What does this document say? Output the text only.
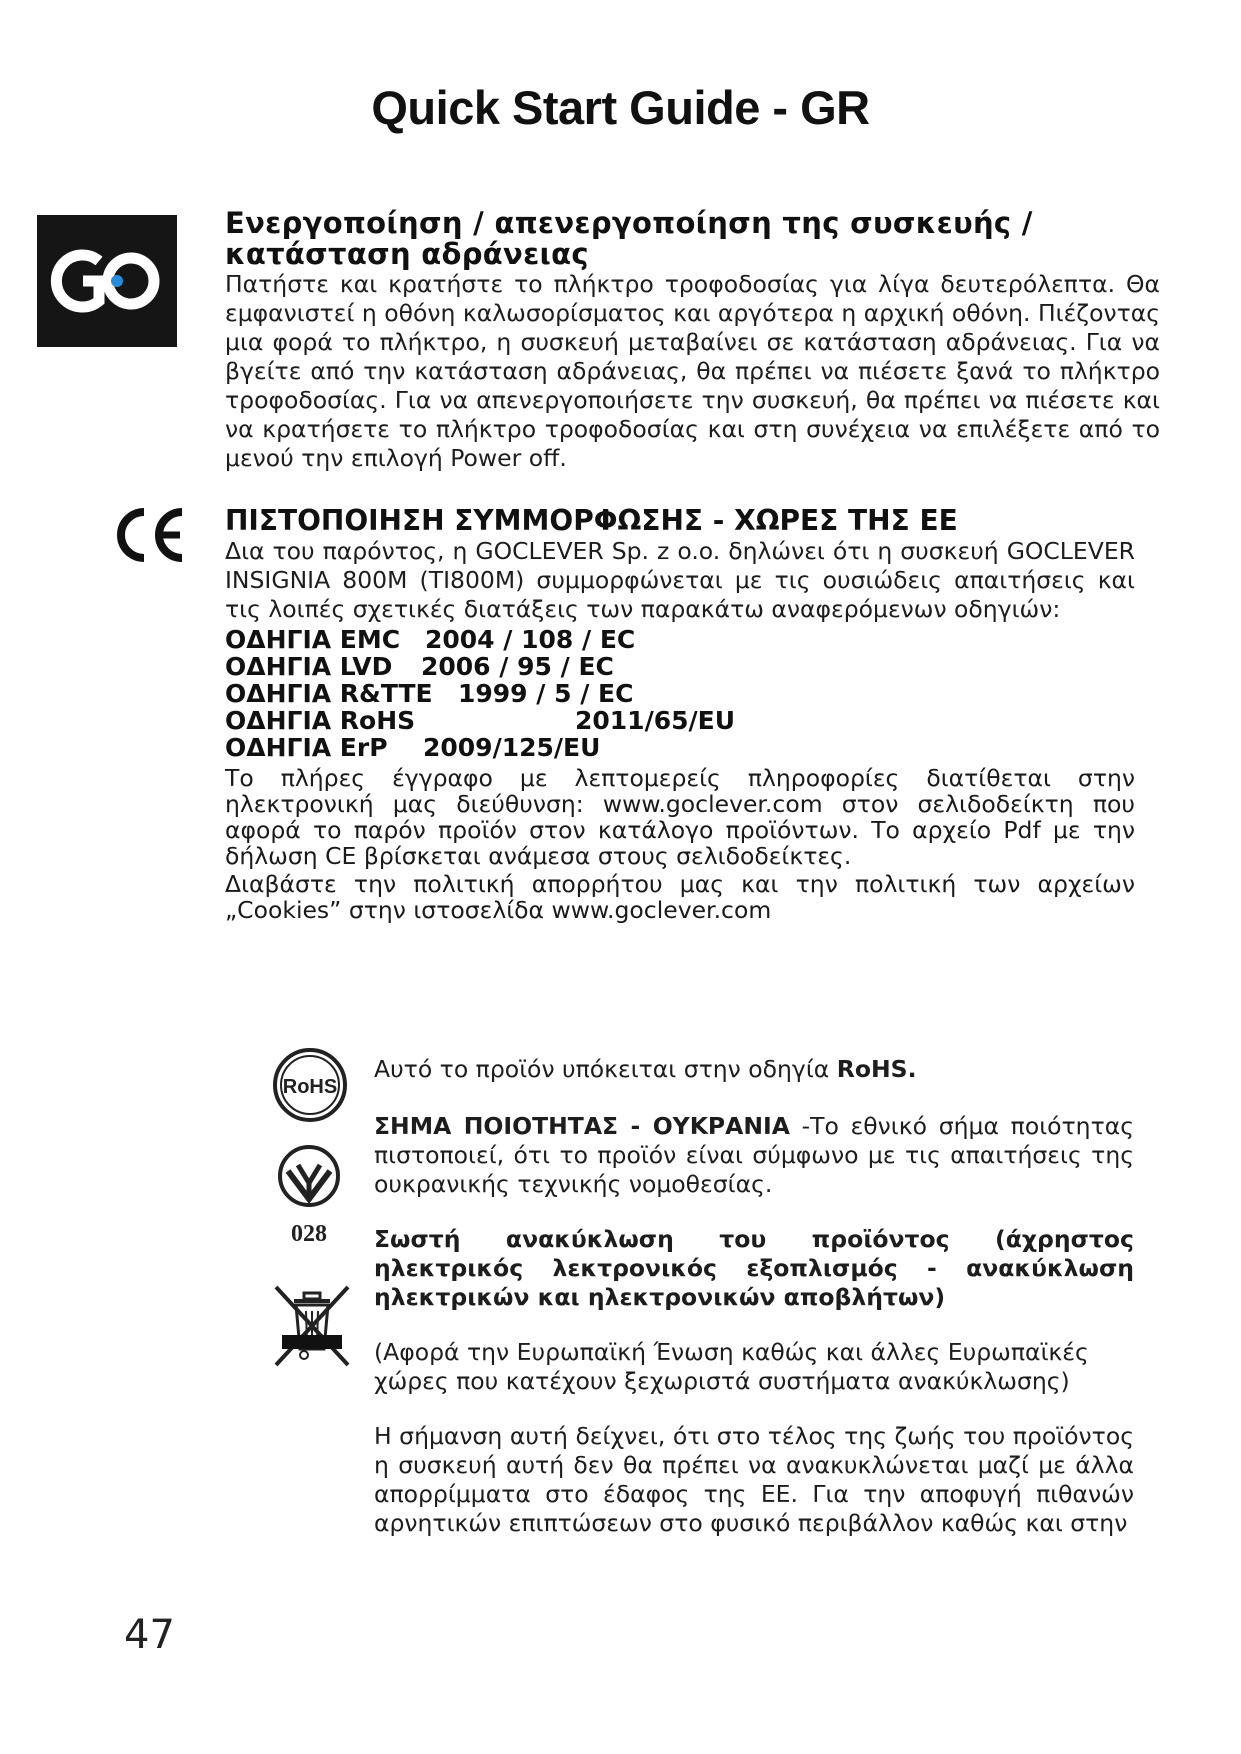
Quick Start Guide - GR

Ενεργοποίηση / απενεργοποίηση της συσκευής / κατάσταση αδράνειας

Πατήστε και κρατήστε το πλήκτρο τροφοδοσίας για λίγα δευτερόλεπτα. Θα εμφανιστεί η οθόνη καλωσορίσματος και αργότερα η αρχική οθόνη. Πιέζοντας μια φορά το πλήκτρο, η συσκευή μεταβαίνει σε κατάσταση αδράνειας. Για να βγείτε από την κατάσταση αδράνειας, θα πρέπει να πιέσετε ξανά το πλήκτρο τροφοδοσίας. Για να απενεργοποιήσετε την συσκευή, θα πρέπει να πιέσετε και να κρατήσετε το πλήκτρο τροφοδοσίας και στη συνέχεια να επιλέξετε από το μενού την επιλογή Power off.

ΠΙΣΤΟΠΟΙΗΣΗ ΣΥΜΜΟΡΦΩΣΗΣ - ΧΩΡΕΣ ΤΗΣ ΕΕ

Δια του παρόντος, η GOCLEVER Sp. z o.o. δηλώνει ότι η συσκευή GOCLEVER INSIGNIA 800M (TI800M) συμμορφώνεται με τις ουσιώδεις απαιτήσεις και τις λοιπές σχετικές διατάξεις των παρακάτω αναφερόμενων οδηγιών:

ΟΔΗΓΙΑ EMC 2004 / 108 / EC
ΟΔΗΓΙΑ LVD	2006 / 95 / EC
ΟΔΗΓΙΑ R&TTE	1999 / 5 / EC
ΟΔΗΓΙΑ RoHS	2011/65/EU
ΟΔΗΓΙΑ ErP	2009/125/EU

Το πλήρες έγγραφο με λεπτομερείς πληροφορίες διατίθεται στην ηλεκτρονική μας διεύθυνση: www.goclever.com στον σελιδοδείκτη που αφορά το παρόν προϊόν στον κατάλογο προϊόντων. Το αρχείο Pdf με την δήλωση CE βρίσκεται ανάμεσα στους σελιδοδείκτες.

Διαβάστε την πολιτική απορρήτου μας και την πολιτική των αρχείων „Cookies” στην ιστοσελίδα www.goclever.com

RoHS
028

Αυτό το προϊόν υπόκειται στην οδηγία RoHS.

ΣΗΜΑ ΠΟΙΟΤΗΤΑΣ - ΟΥΚΡΑΝΙΑ -Το εθνικό σήμα ποιότητας πιστοποιεί, ότι το προϊόν είναι σύμφωνο με τις απαιτήσεις της ουκρανικής τεχνικής νομοθεσίας.

Σωστή ανακύκλωση του προϊόντος (άχρηστος ηλεκτρικός λεκτρονικός εξοπλισμός - ανακύκλωση ηλεκτρικών και ηλεκτρονικών αποβλήτων)

(Αφορά την Ευρωπαϊκή Ένωση καθώς και άλλες Ευρωπαϊκές χώρες που κατέχουν ξεχωριστά συστήματα ανακύκλωσης)

Η σήμανση αυτή δείχνει, ότι στο τέλος της ζωής του προϊόντος η συσκευή αυτή δεν θα πρέπει να ανακυκλώνεται μαζί με άλλα απορρίμματα στο έδαφος της ΕΕ. Για την αποφυγή πιθανών αρνητικών επιπτώσεων στο φυσικό περιβάλλον καθώς και στην

47
